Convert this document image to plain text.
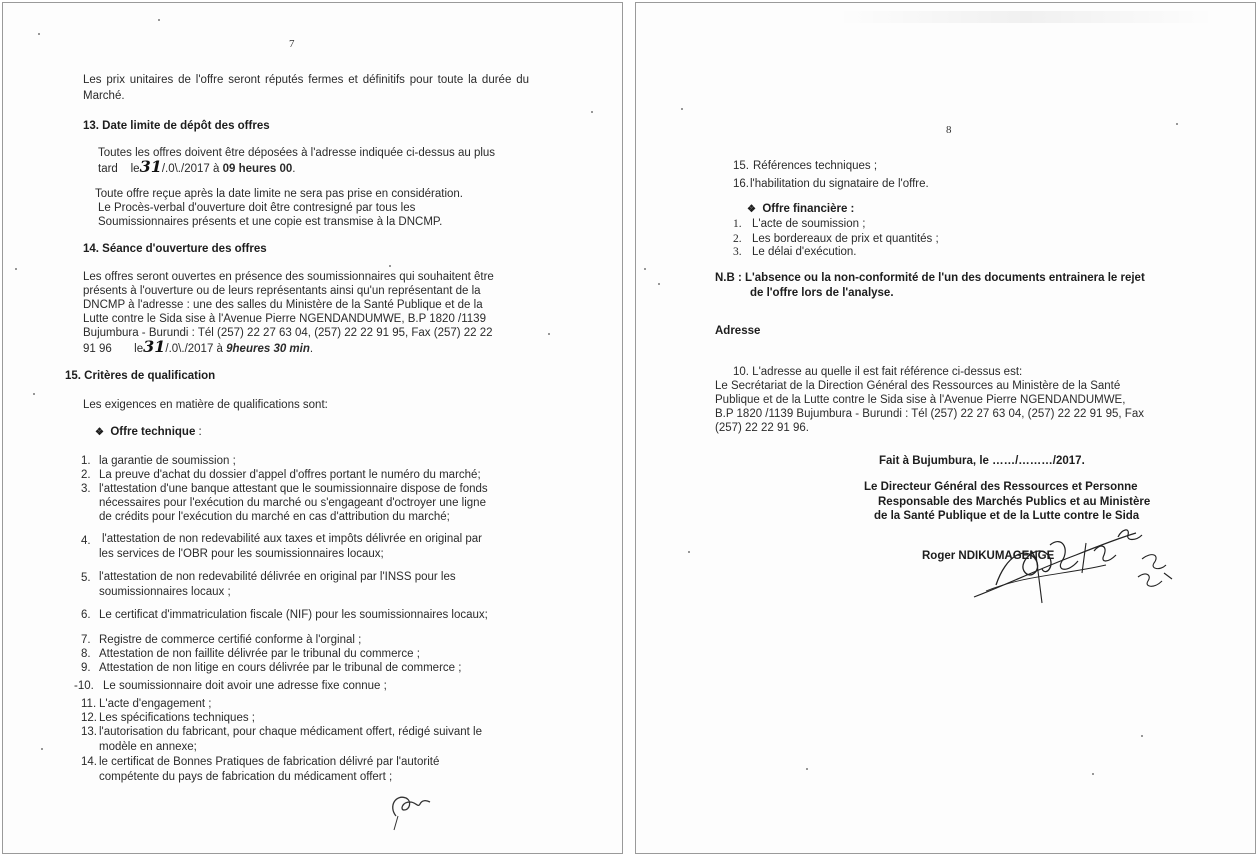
7
Les prix unitaires de l'offre seront réputés fermes et définitifs pour toute la durée du Marché.
13. Date limite de dépôt des offres
Toutes les offres doivent être déposées à l'adresse indiquée ci-dessus au plus
tard le31/.0\./2017 à 09 heures 00.
Toute offre reçue après la date limite ne sera pas prise en considération.
Le Procès-verbal d'ouverture doit être contresigné par tous les
Soumissionnaires présents et une copie est transmise à la DNCMP.
14. Séance d'ouverture des offres
Les offres seront ouvertes en présence des soumissionnaires qui souhaitent être
présents à l'ouverture ou de leurs représentants ainsi qu'un représentant de la
DNCMP à l'adresse : une des salles du Ministère de la Santé Publique et de la
Lutte contre le Sida sise à l'Avenue Pierre NGENDANDUMWE, B.P 1820 /1139
Bujumbura - Burundi : Tél (257) 22 27 63 04, (257) 22 22 91 95, Fax (257) 22 22
91 96 le31/.0\./2017 à 9heures 30 min.
15. Critères de qualification
Les exigences en matière de qualifications sont:
❖ Offre technique :
1. la garantie de soumission ;
2. La preuve d'achat du dossier d'appel d'offres portant le numéro du marché;
3. l'attestation d'une banque attestant que le soumissionnaire dispose de fonds
nécessaires pour l'exécution du marché ou s'engageant d'octroyer une ligne
de crédits pour l'exécution du marché en cas d'attribution du marché;
4. l'attestation de non redevabilité aux taxes et impôts délivrée en original par
les services de l'OBR pour les soumissionnaires locaux;
5. l'attestation de non redevabilité délivrée en original par l'INSS pour les
soumissionnaires locaux ;
6. Le certificat d'immatriculation fiscale (NIF) pour les soumissionnaires locaux;
7. Registre de commerce certifié conforme à l'orginal ;
8. Attestation de non faillite délivrée par le tribunal du commerce ;
9. Attestation de non litige en cours délivrée par le tribunal de commerce ;
-10. Le soumissionnaire doit avoir une adresse fixe connue ;
11. L'acte d'engagement ;
12. Les spécifications techniques ;
13. l'autorisation du fabricant, pour chaque médicament offert, rédigé suivant le
modèle en annexe;
14. le certificat de Bonnes Pratiques de fabrication délivré par l'autorité
compétente du pays de fabrication du médicament offert ;
8
15. Références techniques ;
16. l'habilitation du signataire de l'offre.
❖ Offre financière :
1. L'acte de soumission ;
2. Les bordereaux de prix et quantités ;
3. Le délai d'exécution.
N.B : L'absence ou la non-conformité de l'un des documents entrainera le rejet
de l'offre lors de l'analyse.
Adresse
10. L'adresse au quelle il est fait référence ci-dessus est:
Le Secrétariat de la Direction Général des Ressources au Ministère de la Santé
Publique et de la Lutte contre le Sida sise à l'Avenue Pierre NGENDANDUMWE,
B.P 1820 /1139 Bujumbura - Burundi : Tél (257) 22 27 63 04, (257) 22 22 91 95, Fax
(257) 22 22 91 96.
Fait à Bujumbura, le ……/………/2017.
Le Directeur Général des Ressources et Personne
Responsable des Marchés Publics et au Ministère
de la Santé Publique et de la Lutte contre le Sida
Roger NDIKUMAGENGE
